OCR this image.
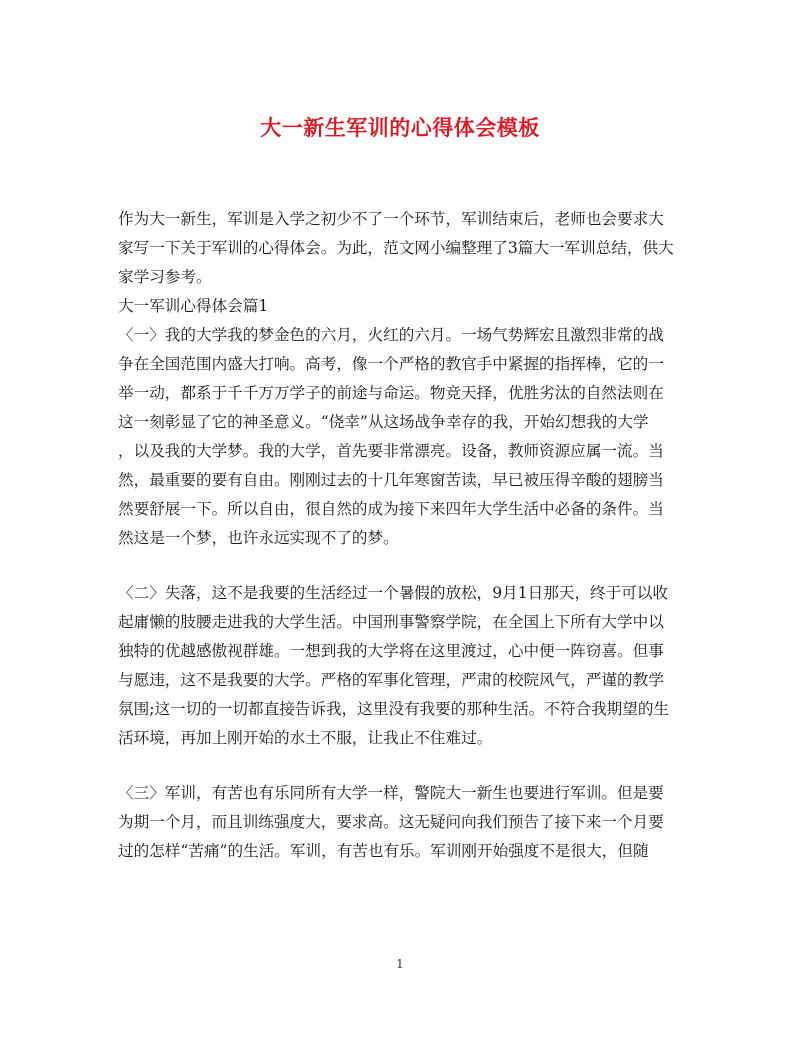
大一新生军训的心得体会模板
作为大一新生，军训是入学之初少不了一个环节，军训结束后，老师也会要求大
家写一下关于军训的心得体会。为此，范文网小编整理了3篇大一军训总结，供大
家学习参考。
大一军训心得体会篇1
〈一〉我的大学我的梦金色的六月，火红的六月。一场气势辉宏且激烈非常的战
争在全国范围内盛大打响。高考，像一个严格的教官手中紧握的指挥棒，它的一
举一动，都系于千千万万学子的前途与命运。物竞天择，优胜劣汰的自然法则在
这一刻彰显了它的神圣意义。“侥幸”从这场战争幸存的我，开始幻想我的大学
，以及我的大学梦。我的大学，首先要非常漂亮。设备，教师资源应属一流。当
然，最重要的要有自由。刚刚过去的十几年寒窗苦读，早已被压得辛酸的翅膀当
然要舒展一下。所以自由，很自然的成为接下来四年大学生活中必备的条件。当
然这是一个梦，也许永远实现不了的梦。
〈二〉失落，这不是我要的生活经过一个暑假的放松，9月1日那天，终于可以收
起庸懒的肢腰走进我的大学生活。中国刑事警察学院，在全国上下所有大学中以
独特的优越感傲视群雄。一想到我的大学将在这里渡过，心中便一阵窃喜。但事
与愿违，这不是我要的大学。严格的军事化管理，严肃的校院风气，严谨的教学
氛围;这一切的一切都直接告诉我，这里没有我要的那种生活。不符合我期望的生
活环境，再加上刚开始的水土不服，让我止不住难过。
〈三〉军训，有苦也有乐同所有大学一样，警院大一新生也要进行军训。但是要
为期一个月，而且训练强度大，要求高。这无疑问向我们预告了接下来一个月要
过的怎样“苦痛”的生活。军训，有苦也有乐。军训刚开始强度不是很大，但随
1
